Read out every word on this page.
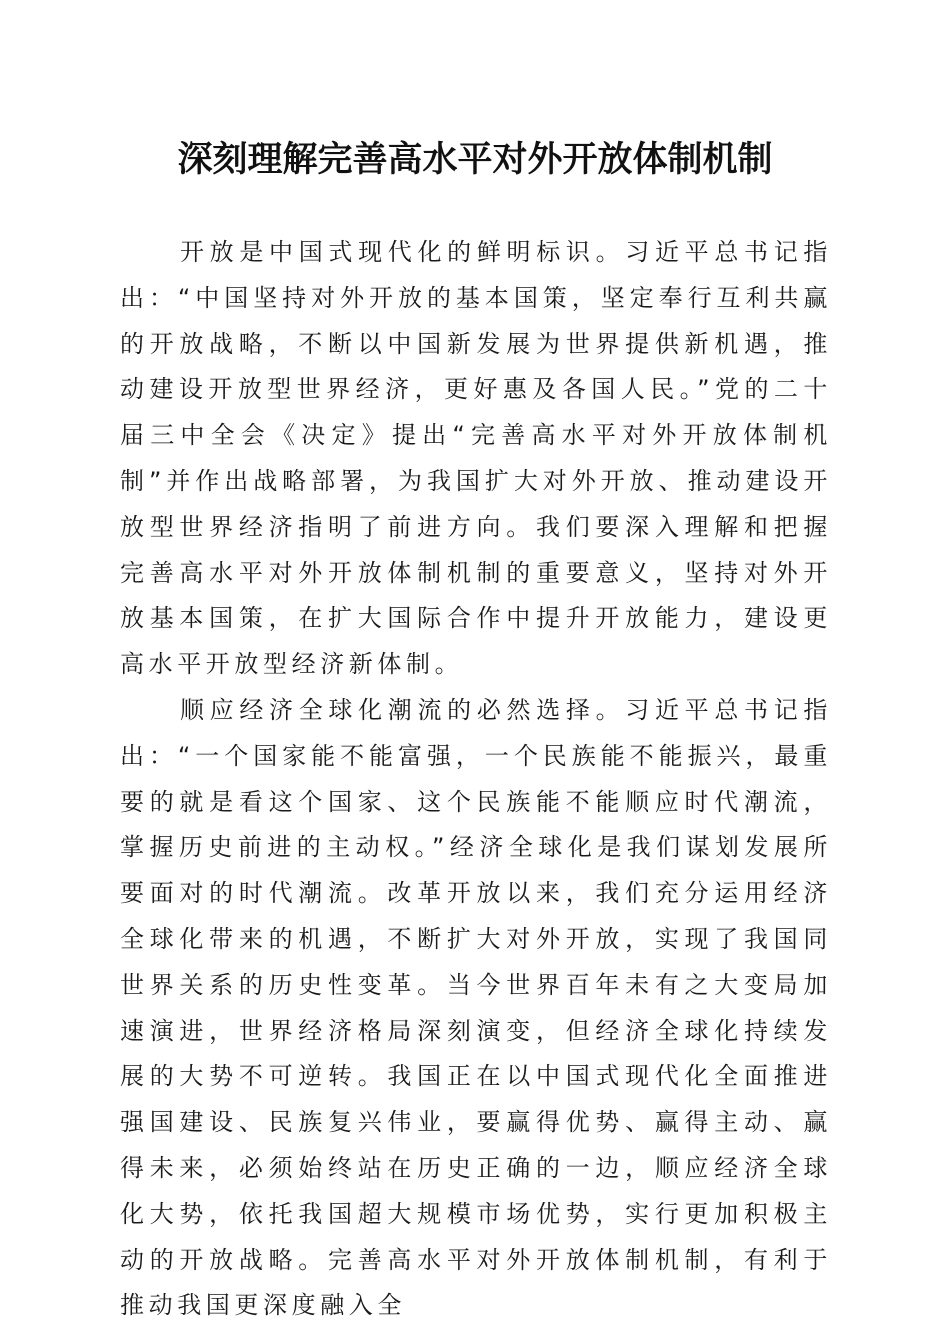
深刻理解完善高水平对外开放体制机制

开放是中国式现代化的鲜明标识。习近平总书记指出：“中国坚持对外开放的基本国策，坚定奉行互利共赢的开放战略，不断以中国新发展为世界提供新机遇，推动建设开放型世界经济，更好惠及各国人民。”党的二十届三中全会《决定》提出“完善高水平对外开放体制机制”并作出战略部署，为我国扩大对外开放、推动建设开放型世界经济指明了前进方向。我们要深入理解和把握完善高水平对外开放体制机制的重要意义，坚持对外开放基本国策，在扩大国际合作中提升开放能力，建设更高水平开放型经济新体制。

顺应经济全球化潮流的必然选择。习近平总书记指出：“一个国家能不能富强，一个民族能不能振兴，最重要的就是看这个国家、这个民族能不能顺应时代潮流，掌握历史前进的主动权。”经济全球化是我们谋划发展所要面对的时代潮流。改革开放以来，我们充分运用经济全球化带来的机遇，不断扩大对外开放，实现了我国同世界关系的历史性变革。当今世界百年未有之大变局加速演进，世界经济格局深刻演变，但经济全球化持续发展的大势不可逆转。我国正在以中国式现代化全面推进强国建设、民族复兴伟业，要赢得优势、赢得主动、赢得未来，必须始终站在历史正确的一边，顺应经济全球化大势，依托我国超大规模市场优势，实行更加积极主动的开放战略。完善高水平对外开放体制机制，有利于推动我国更深度融入全
